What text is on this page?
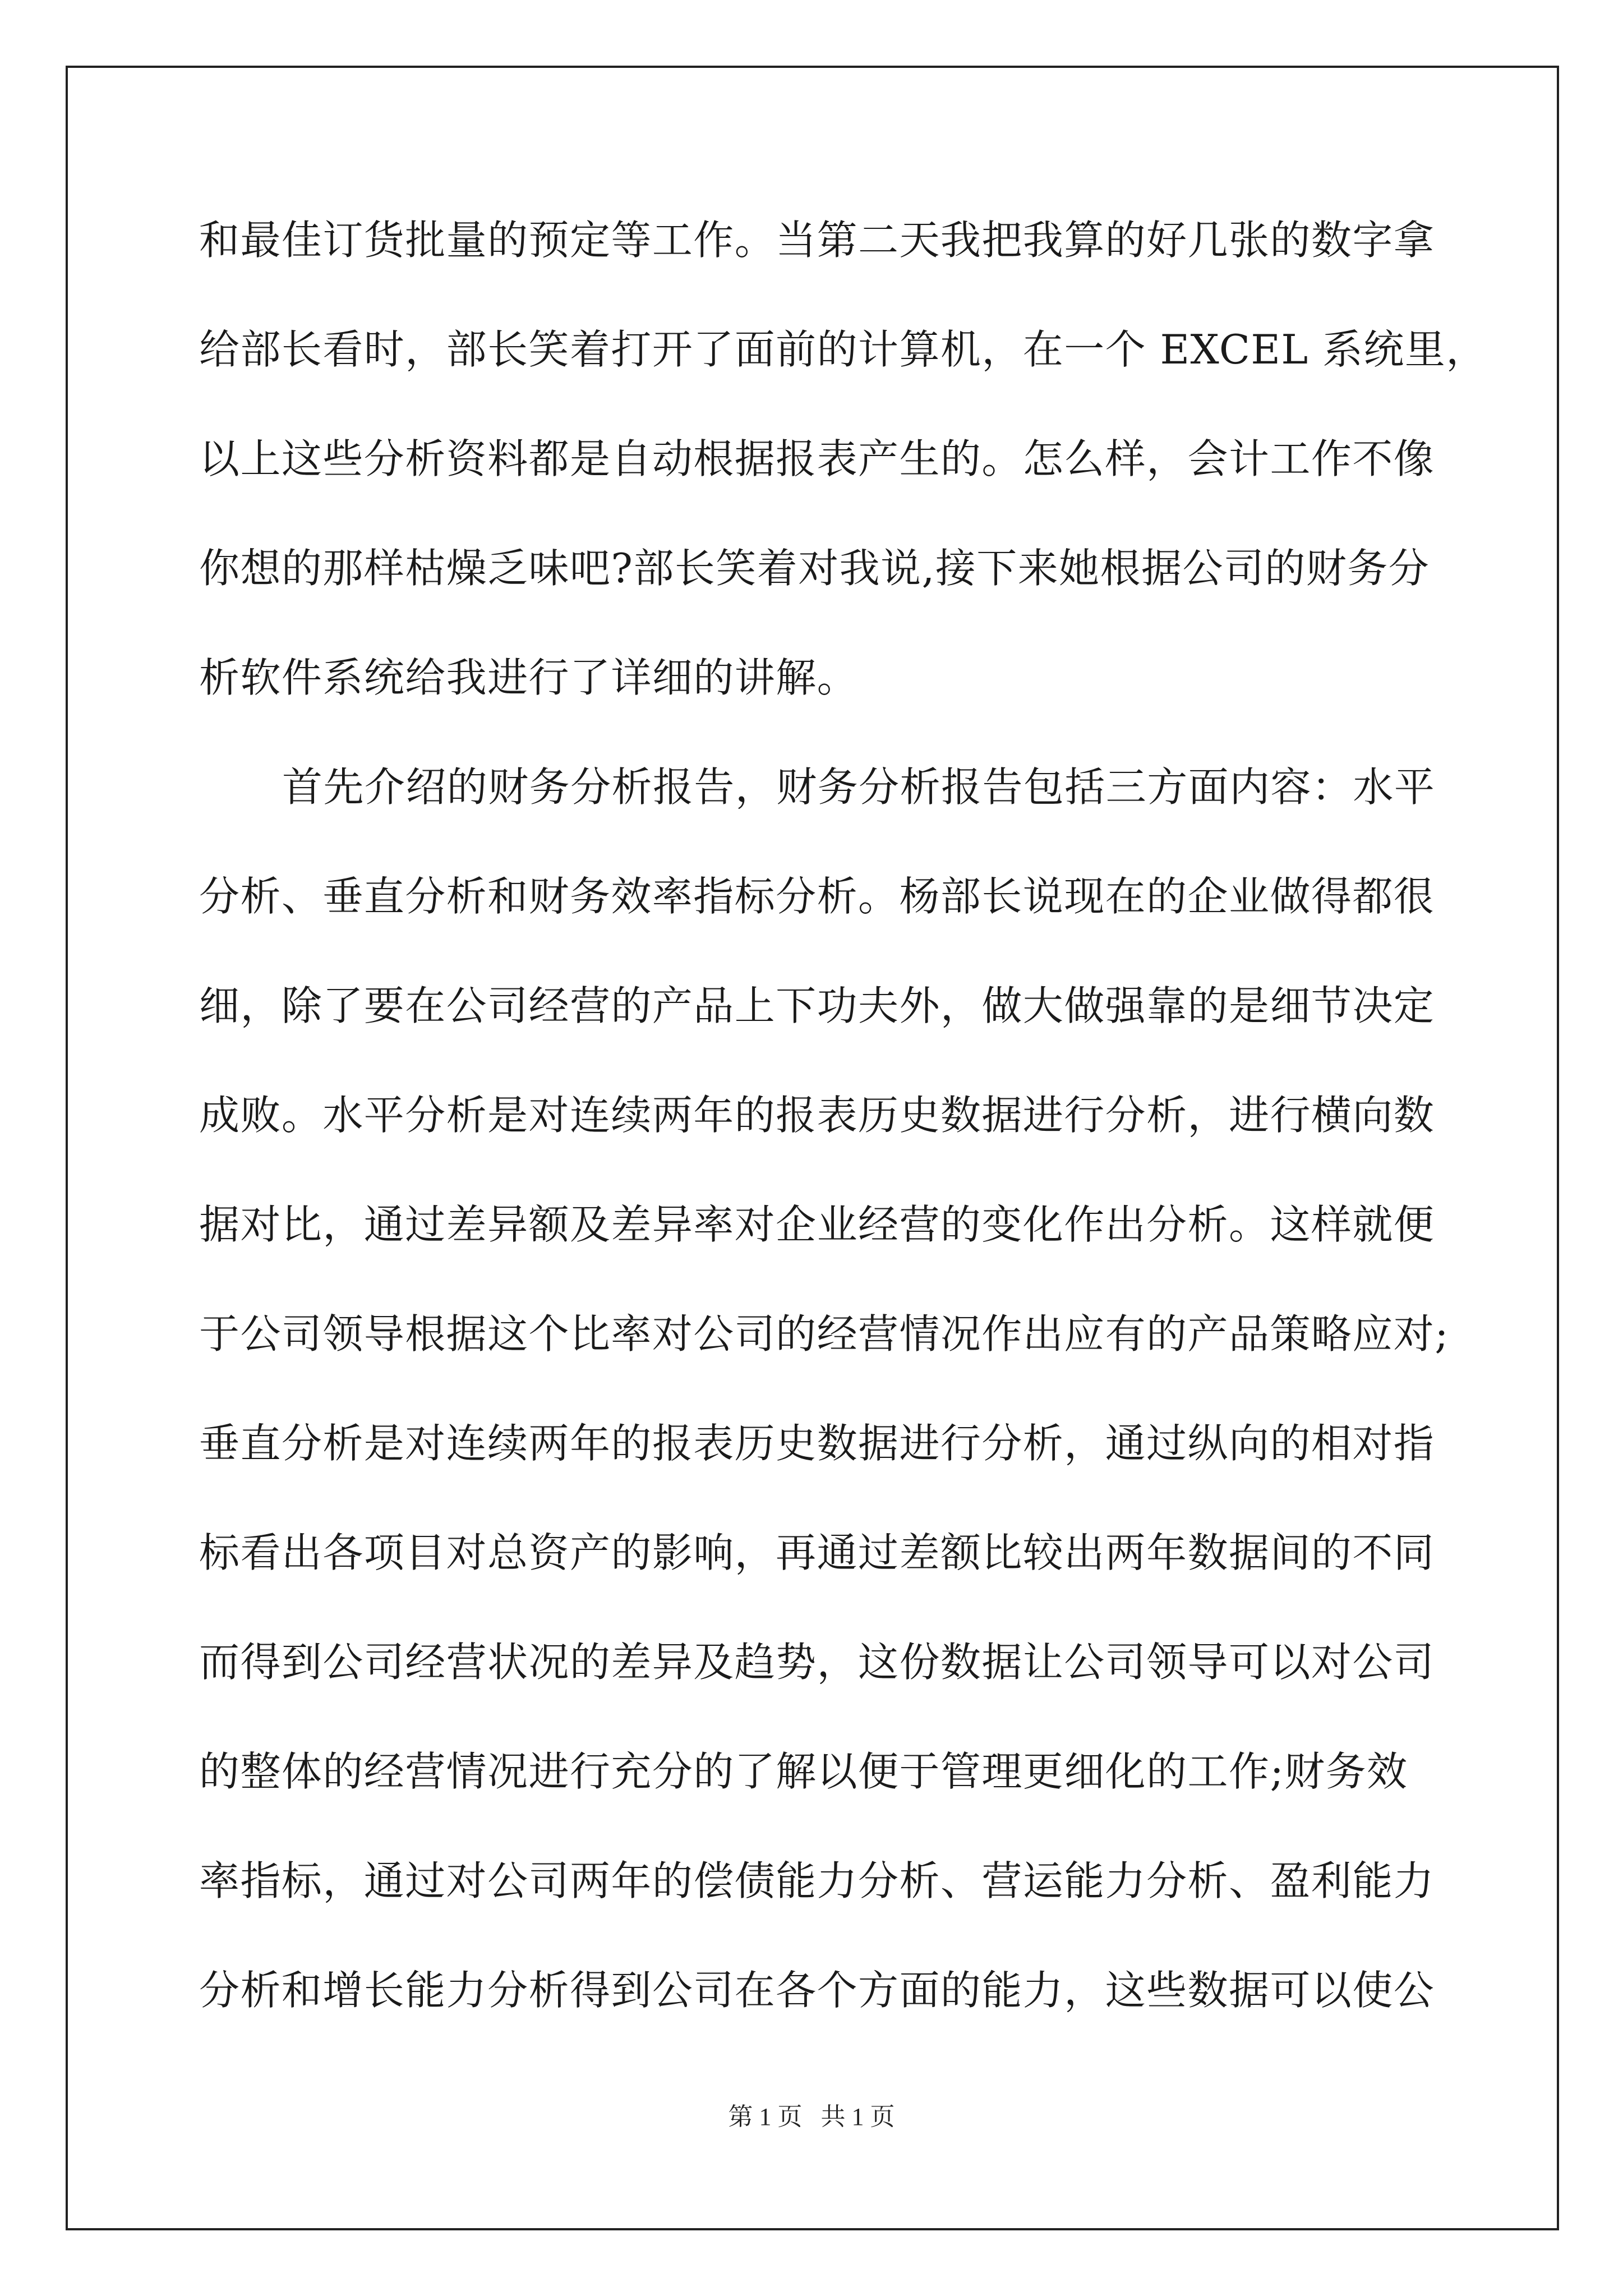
和最佳订货批量的预定等工作。当第二天我把我算的好几张的数字拿
给部长看时，部长笑着打开了面前的计算机，在一个 EXCEL 系统里，
以上这些分析资料都是自动根据报表产生的。怎么样，会计工作不像
你想的那样枯燥乏味吧?部长笑着对我说,接下来她根据公司的财务分
析软件系统给我进行了详细的讲解。
首先介绍的财务分析报告，财务分析报告包括三方面内容：水平
分析、垂直分析和财务效率指标分析。杨部长说现在的企业做得都很
细，除了要在公司经营的产品上下功夫外，做大做强靠的是细节决定
成败。水平分析是对连续两年的报表历史数据进行分析，进行横向数
据对比，通过差异额及差异率对企业经营的变化作出分析。这样就便
于公司领导根据这个比率对公司的经营情况作出应有的产品策略应对;
垂直分析是对连续两年的报表历史数据进行分析，通过纵向的相对指
标看出各项目对总资产的影响，再通过差额比较出两年数据间的不同
而得到公司经营状况的差异及趋势，这份数据让公司领导可以对公司
的整体的经营情况进行充分的了解以便于管理更细化的工作;财务效
率指标，通过对公司两年的偿债能力分析、营运能力分析、盈利能力
分析和增长能力分析得到公司在各个方面的能力，这些数据可以使公
第 1 页   共 1 页
